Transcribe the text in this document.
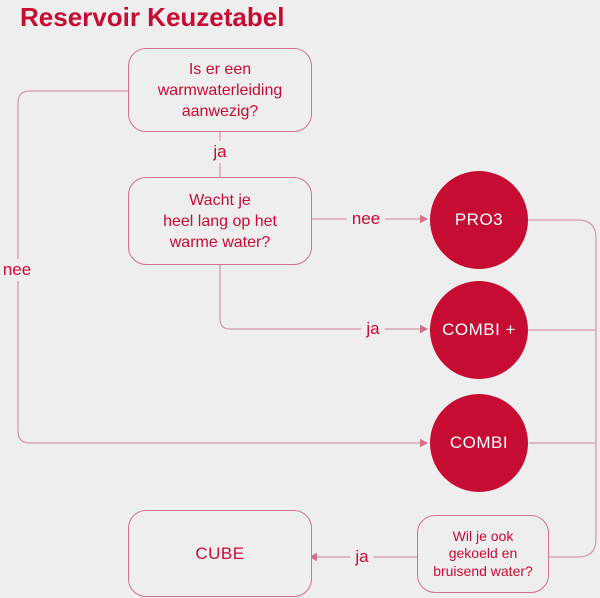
Reservoir Keuzetabel
Is er een
warmwaterleiding
aanwezig?
Wacht je
heel lang op het
warme water?
Wil je ook
gekoeld en
bruisend water?
CUBE
PRO3
COMBI +
COMBI
ja
nee
nee
ja
ja
